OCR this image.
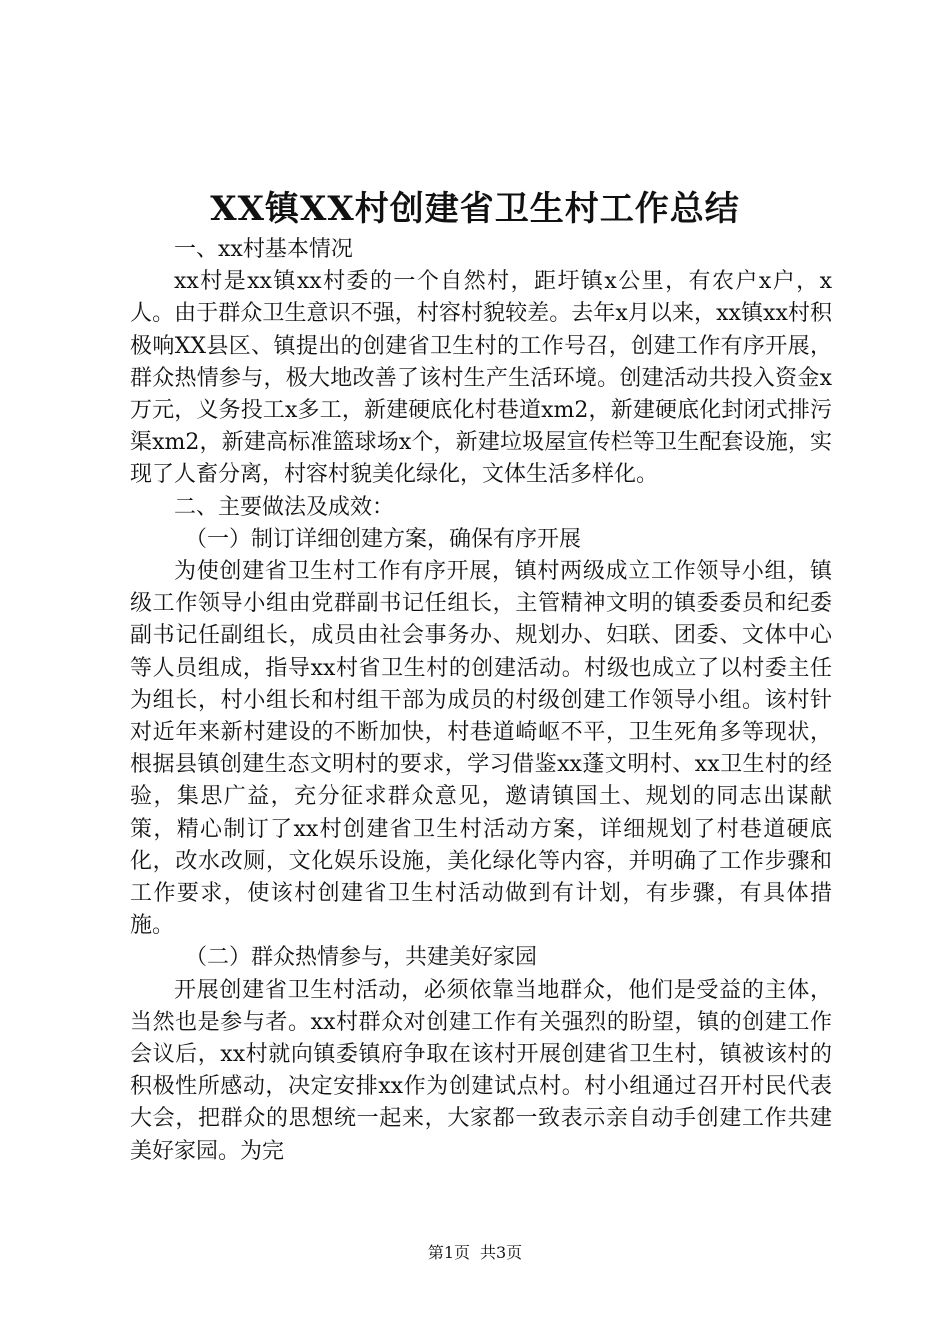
XX镇XX村创建省卫生村工作总结

一、xx村基本情况

xx村是xx镇xx村委的一个自然村，距圩镇x公里，有农户x户，x人。由于群众卫生意识不强，村容村貌较差。去年x月以来，xx镇xx村积极响XX县区、镇提出的创建省卫生村的工作号召，创建工作有序开展，群众热情参与，极大地改善了该村生产生活环境。创建活动共投入资金x万元，义务投工x多工，新建硬底化村巷道xm2，新建硬底化封闭式排污渠xm2，新建高标准篮球场x个，新建垃圾屋宣传栏等卫生配套设施，实现了人畜分离，村容村貌美化绿化，文体生活多样化。

二、主要做法及成效：

（一）制订详细创建方案，确保有序开展

为使创建省卫生村工作有序开展，镇村两级成立工作领导小组，镇级工作领导小组由党群副书记任组长，主管精神文明的镇委委员和纪委副书记任副组长，成员由社会事务办、规划办、妇联、团委、文体中心等人员组成，指导xx村省卫生村的创建活动。村级也成立了以村委主任为组长，村小组长和村组干部为成员的村级创建工作领导小组。该村针对近年来新村建设的不断加快，村巷道崎岖不平，卫生死角多等现状，根据县镇创建生态文明村的要求，学习借鉴xx蓬文明村、xx卫生村的经验，集思广益，充分征求群众意见，邀请镇国土、规划的同志出谋献策，精心制订了xx村创建省卫生村活动方案，详细规划了村巷道硬底化，改水改厕，文化娱乐设施，美化绿化等内容，并明确了工作步骤和工作要求，使该村创建省卫生村活动做到有计划，有步骤，有具体措施。

（二）群众热情参与，共建美好家园

开展创建省卫生村活动，必须依靠当地群众，他们是受益的主体，当然也是参与者。xx村群众对创建工作有关强烈的盼望，镇的创建工作会议后，xx村就向镇委镇府争取在该村开展创建省卫生村，镇被该村的积极性所感动，决定安排xx作为创建试点村。村小组通过召开村民代表大会，把群众的思想统一起来，大家都一致表示亲自动手创建工作共建美好家园。为完

第1页 共3页
